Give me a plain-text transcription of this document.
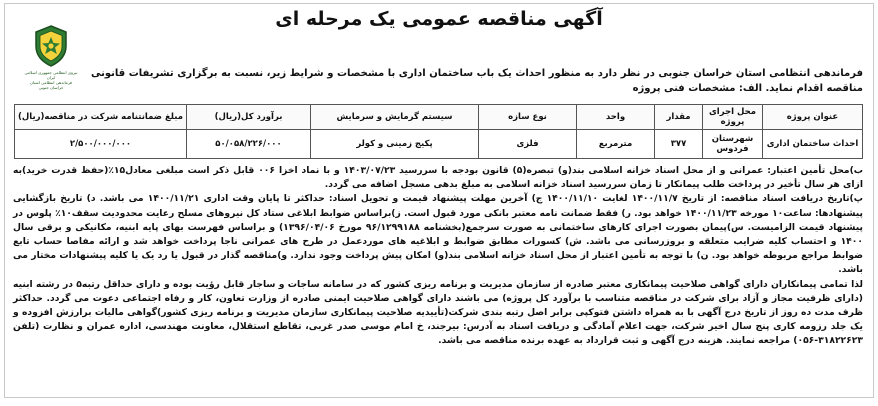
آگهی مناقصه عمومی یک مرحله ای
نیروی انتظامی جمهوری اسلامی ایران
فرماندهی انتظامی استان خراسان جنوبی
فرماندهی انتظامی استان خراسان جنوبی در نظر دارد به منظور احداث یک باب ساختمان اداری با مشخصات و شرایط زیر، نسبت به برگزاری تشریفات قانونی مناقصه اقدام نماید. الف: مشخصات فنی پروژه
عنوان پروژه	محل اجرای پروژه	مقدار	واحد	نوع سازه	سیستم گرمایش و سرمایش	برآورد کل(ریال)	مبلغ ضمانتنامه شرکت در مناقصه(ریال)
احداث ساختمان اداری	شهرستان فردوس	۳۷۷	مترمربع	فلزی	پکیج زمینی و کولر	۵۰/۰۵۸/۲۲۶/۰۰۰	۲/۵۰۰/۰۰۰/۰۰۰

ب)محل تأمین اعتبار: عمرانی و از محل اسناد خزانه اسلامی بند(و) تبصره(۵) قانون بودجه با سررسید ۱۴۰۳/۰۷/۲۳ و با نماد اخزا ۰۰۶ قابل ذکر است مبلغی معادل۱۵٪(حفظ قدرت خرید)به ازای هر سال تأخیر در پرداخت طلب پیمانکار تا زمان سررسید اسناد خزانه اسلامی به مبلغ بدهی مسجل اضافه می گردد.

پ)تاریخ دریافت اسناد مناقصه: از تاریخ ۱۴۰۰/۱۱/۷ لغایت ۱۴۰۰/۱۱/۱۰ ج) آخرین مهلت پیشنهاد قیمت و تحویل اسناد: حداکثر تا پایان وقت اداری ۱۴۰۰/۱۱/۲۱ می باشد. د) تاریخ بازگشایی پیشنهادها: ساعت۱۰ مورخه ۱۴۰۰/۱۱/۲۳ خواهد بود. ر) فقط ضمانت نامه معتبر بانکی مورد قبول است. ز)براساس ضوابط ابلاغی ستاد کل نیروهای مسلح رعایت محدودیت سقف۱۰٪ پلوس در پیشنهاد قیمت الزامیست. س)پیمان بصورت اجرای کارهای ساختمانی به صورت سرجمع(بخشنامه ۹۶/۱۲۹۹۱۸۸ مورخ ۱۳۹۶/۰۴/۰۶) و براساس فهرست بهای پایه ابنیه، مکانیکی و برقی سال ۱۴۰۰ و احتساب کلیه ضرایب متعلقه و بروزرسانی می باشد. ش) کسورات مطابق ضوابط و ابلاغیه های موردعمل در طرح های عمرانی ناجا پرداخت خواهد شد و ارائه مفاصا حساب تابع ضوابط مراجع مربوطه خواهد بود. ن) با توجه به تأمین اعتبار از محل اسناد خزانه اسلامی بند(و) امکان پیش پرداخت وجود ندارد. و)مناقصه گذار در قبول یا رد یک یا کلیه پیشنهادات مختار می باشد.

لذا تمامی پیمانکاران دارای گواهی صلاحیت پیمانکاری معتبر صادره از سازمان مدیریت و برنامه ریزی کشور که در سامانه ساجات و ساجار قابل رؤیت بوده و دارای حداقل رتبه۵ در رشته ابنیه (دارای ظرفیت مجاز و آزاد برای شرکت در مناقصه متناسب با برآورد کل پروژه) می باشند دارای گواهی صلاحیت ایمنی صادره از وزارت تعاون، کار و رفاه اجتماعی دعوت می گردد. حداکثر ظرف مدت ده روز از تاریخ درج آگهی با به همراه داشتن فتوکپی برابر اصل رتبه بندی شرکت(تأییدیه صلاحیت پیمانکاری سازمان مدیریت و برنامه ریزی کشور)گواهی مالیات برارزش افزوده و یک جلد رزومه کاری پنج سال اخیر شرکت، جهت اعلام آمادگی و دریافت اسناد به آدرس: بیرجند، خ امام موسی صدر غربی، تقاطع استقلال، معاونت مهندسی، اداره عمران و نظارت (تلفن ۳۱۸۲۲۶۲۳-۰۵۶) مراجعه نمایند. هزینه درج آگهی و ثبت قرارداد به عهده برنده مناقصه می باشد.
